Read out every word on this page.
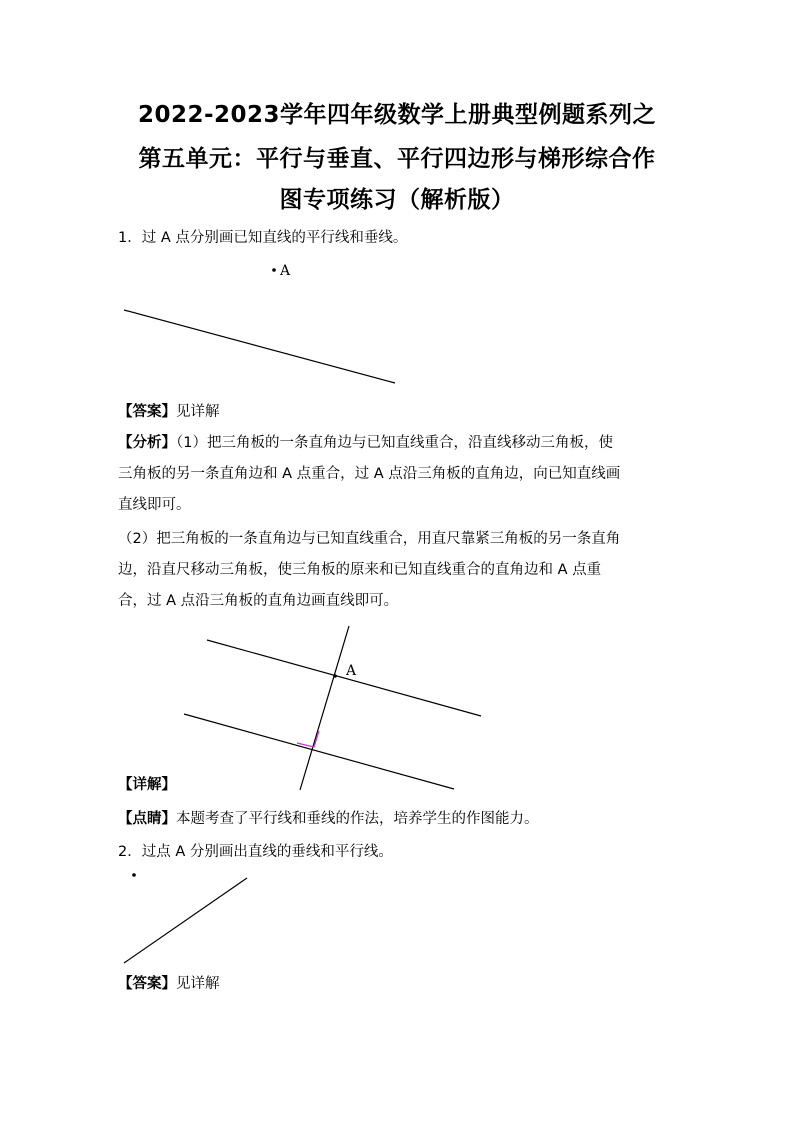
2022-2023学年四年级数学上册典型例题系列之
第五单元：平行与垂直、平行四边形与梯形综合作
图专项练习（解析版）
1．过 A 点分别画已知直线的平行线和垂线。
A
A
【答案】见详解
【分析】（1）把三角板的一条直角边与已知直线重合，沿直线移动三角板，使
三角板的另一条直角边和 A 点重合，过 A 点沿三角板的直角边，向已知直线画
直线即可。
（2）把三角板的一条直角边与已知直线重合，用直尺靠紧三角板的另一条直角
边，沿直尺移动三角板，使三角板的原来和已知直线重合的直角边和 A 点重
合，过 A 点沿三角板的直角边画直线即可。
【详解】
【点睛】本题考查了平行线和垂线的作法，培养学生的作图能力。
2．过点 A 分别画出直线的垂线和平行线。
【答案】见详解
